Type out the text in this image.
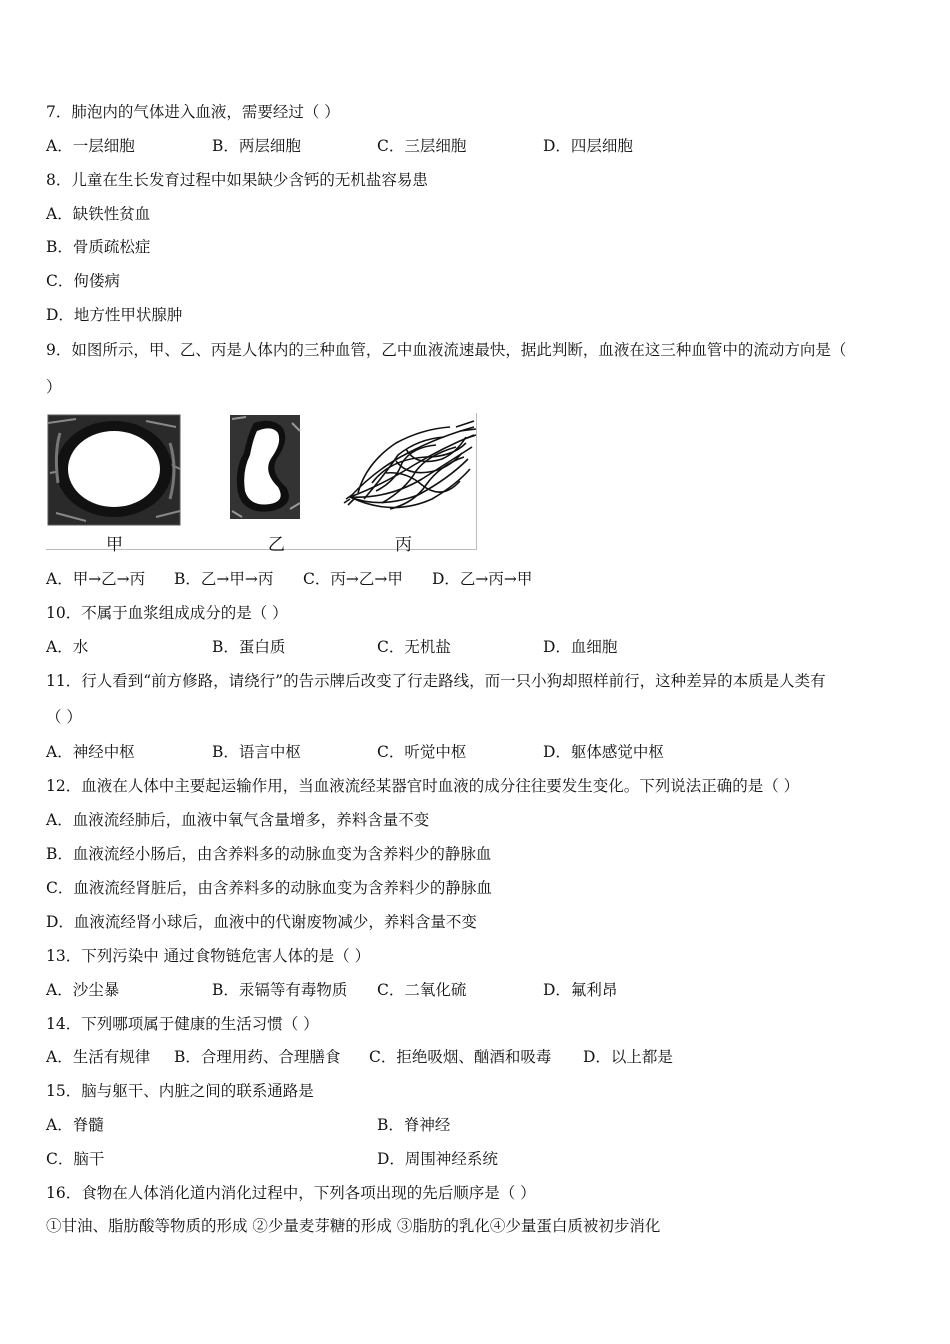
7．肺泡内的气体进入血液，需要经过（ ）
A．一层细胞	B．两层细胞	C．三层细胞	D．四层细胞
8．儿童在生长发育过程中如果缺少含钙的无机盐容易患
A．缺铁性贫血
B．骨质疏松症
C．佝偻病
D．地方性甲状腺肿
9．如图所示，甲、乙、丙是人体内的三种血管，乙中血液流速最快，据此判断，血液在这三种血管中的流动方向是（
）
甲	乙	丙
A．甲→乙→丙 B．乙→甲→丙 C．丙→乙→甲 D．乙→丙→甲
10．不属于血浆组成成分的是（ ）
A．水	B．蛋白质	C．无机盐	D．血细胞
11．行人看到“前方修路，请绕行”的告示牌后改变了行走路线，而一只小狗却照样前行，这种差异的本质是人类有
（ ）
A．神经中枢	B．语言中枢	C．听觉中枢	D．躯体感觉中枢
12．血液在人体中主要起运输作用，当血液流经某器官时血液的成分往往要发生变化。下列说法正确的是（ ）
A．血液流经肺后，血液中氧气含量增多，养料含量不变
B．血液流经小肠后，由含养料多的动脉血变为含养料少的静脉血
C．血液流经肾脏后，由含养料多的动脉血变为含养料少的静脉血
D．血液流经肾小球后，血液中的代谢废物减少，养料含量不变
13．下列污染中 通过食物链危害人体的是（ ）
A．沙尘暴	B．汞镉等有毒物质 C．二氧化硫	D．氟利昂
14．下列哪项属于健康的生活习惯（ ）
A．生活有规律 B．合理用药、合理膳食 C．拒绝吸烟、酗酒和吸毒 D．以上都是
15．脑与躯干、内脏之间的联系通路是
A．脊髓	B．脊神经
C．脑干	D．周围神经系统
16．食物在人体消化道内消化过程中，下列各项出现的先后顺序是（ ）
①甘油、脂肪酸等物质的形成 ②少量麦芽糖的形成 ③脂肪的乳化④少量蛋白质被初步消化
